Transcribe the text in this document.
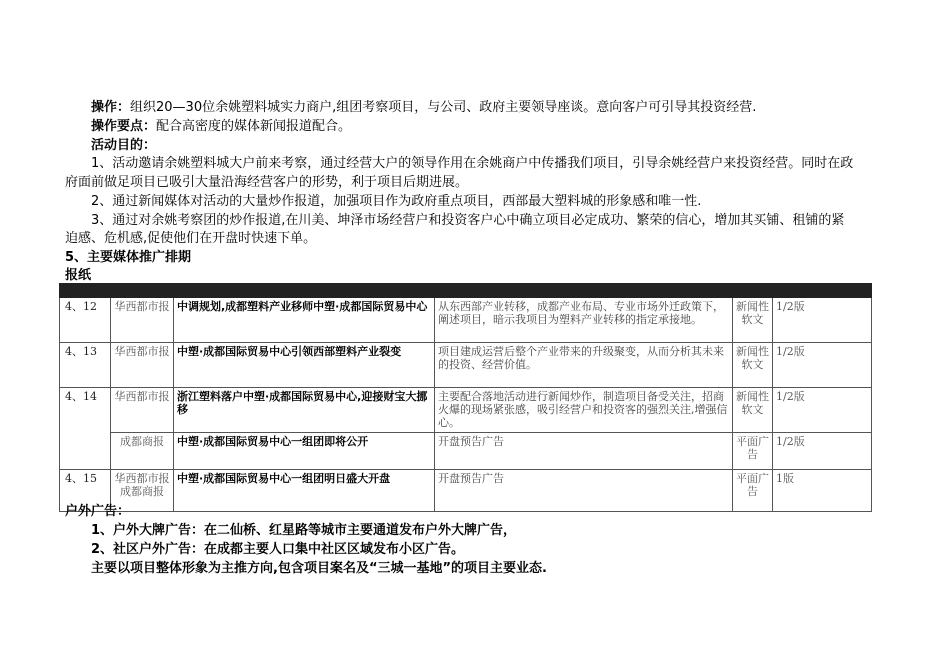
操作：组织20—30位余姚塑料城实力商户,组团考察项目，与公司、政府主要领导座谈。意向客户可引导其投资经营.
操作要点：配合高密度的媒体新闻报道配合。
活动目的：
1、活动邀请余姚塑料城大户前来考察，通过经营大户的领导作用在余姚商户中传播我们项目，引导余姚经营户来投资经营。同时在政
府面前做足项目已吸引大量沿海经营客户的形势，利于项目后期进展。
2、通过新闻媒体对活动的大量炒作报道，加强项目作为政府重点项目，西部最大塑料城的形象感和唯一性.
3、通过对余姚考察团的炒作报道,在川美、坤泽市场经营户和投资客户心中确立项目必定成功、繁荣的信心，增加其买铺、租铺的紧
迫感、危机感,促使他们在开盘时快速下单。
5、主要媒体推广排期
报纸

4、12	华西都市报	中调规划,成都塑料产业移师中塑·成都国际贸易中心	从东西部产业转移，成都产业布局、专业市场外迁政策下，阐述项目，暗示我项目为塑料产业转移的指定承接地。	新闻性软文	1/2版
4、13	华西都市报	中塑·成都国际贸易中心引领西部塑料产业裂变	项目建成运营后整个产业带来的升级聚变，从而分析其未来的投资、经营价值。	新闻性软文	1/2版
4、14	华西都市报	浙江塑料落户中塑·成都国际贸易中心,迎接财宝大挪移	主要配合落地活动进行新闻炒作，制造项目备受关注，招商火爆的现场紧张感，吸引经营户和投资客的强烈关注,增强信心。	新闻性软文	1/2版
	成都商报	中塑·成都国际贸易中心一组团即将公开	开盘预告广告	平面广告	1/2版
4、15	华西都市报成都商报	中塑·成都国际贸易中心一组团明日盛大开盘	开盘预告广告	平面广告	1版
户外广告：
1、户外大牌广告：在二仙桥、红星路等城市主要通道发布户外大牌广告，
2、社区户外广告：在成都主要人口集中社区区域发布小区广告。
主要以项目整体形象为主推方向,包含项目案名及“三城一基地”的项目主要业态.
